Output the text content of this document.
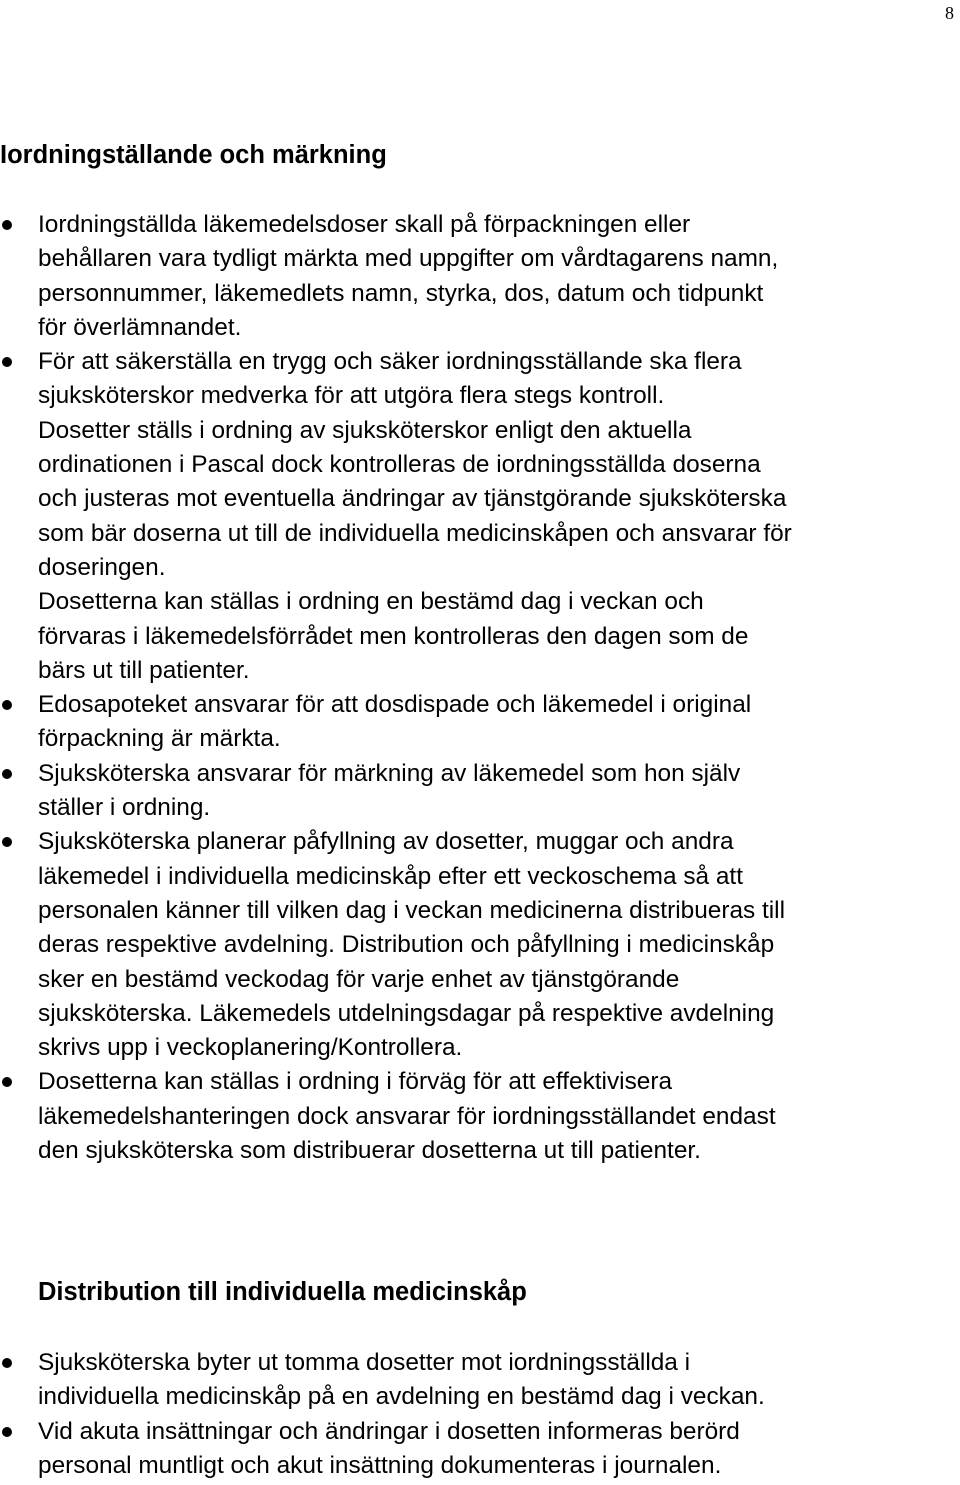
8
Iordningställande och märkning
Iordningställda läkemedelsdoser skall på förpackningen eller
behållaren vara tydligt märkta med uppgifter om vårdtagarens namn,
personnummer, läkemedlets namn, styrka, dos, datum och tidpunkt
för överlämnandet.
För att säkerställa en trygg och säker iordningsställande ska flera
sjuksköterskor medverka för att utgöra flera stegs kontroll.
Dosetter ställs i ordning av sjuksköterskor enligt den aktuella
ordinationen i Pascal dock kontrolleras de iordningsställda doserna
och justeras mot eventuella ändringar av tjänstgörande sjuksköterska
som bär doserna ut till de individuella medicinskåpen och ansvarar för
doseringen.
Dosetterna kan ställas i ordning en bestämd dag i veckan och
förvaras i läkemedelsförrådet men kontrolleras den dagen som de
bärs ut till patienter.
Edosapoteket ansvarar för att dosdispade och läkemedel i original
förpackning är märkta.
Sjuksköterska ansvarar för märkning av läkemedel som hon själv
ställer i ordning.
Sjuksköterska planerar påfyllning av dosetter, muggar och andra
läkemedel i individuella medicinskåp efter ett veckoschema så att
personalen känner till vilken dag i veckan medicinerna distribueras till
deras respektive avdelning. Distribution och påfyllning i medicinskåp
sker en bestämd veckodag för varje enhet av tjänstgörande
sjuksköterska. Läkemedels utdelningsdagar på respektive avdelning
skrivs upp i veckoplanering/Kontrollera.
Dosetterna kan ställas i ordning i förväg för att effektivisera
läkemedelshanteringen dock ansvarar för iordningsställandet endast
den sjuksköterska som distribuerar dosetterna ut till patienter.
Distribution till individuella medicinskåp
Sjuksköterska byter ut tomma dosetter mot iordningsställda i
individuella medicinskåp på en avdelning en bestämd dag i veckan.
Vid akuta insättningar och ändringar i dosetten informeras berörd
personal muntligt och akut insättning dokumenteras i journalen.
